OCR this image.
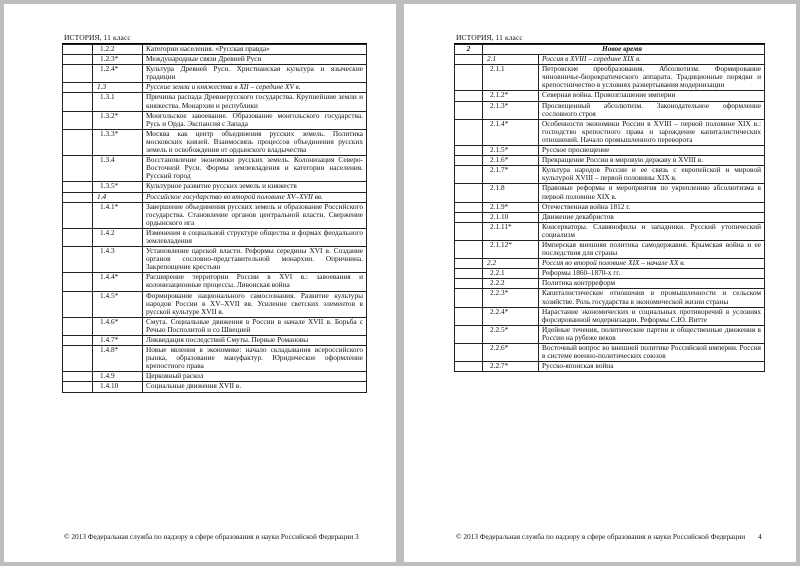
ИСТОРИЯ, 11 класс
	1.2.2	Категории населения. «Русская правда»
	1.2.3*	Международные связи Древней Руси
	1.2.4*	Культура Древней Руси. Христианская культура и языческие традиции
	1.3	Русские земли и княжества в XII – середине XV в.
	1.3.1	Причины распада Древнерусского государства. Крупнейшие земли и княжества. Монархии и республики
	1.3.2*	Монгольское завоевание. Образование монгольского государства. Русь и Орда. Экспансия с Запада
	1.3.3*	Москва как центр объединения русских земель. Политика московских князей. Взаимосвязь процессов объединения русских земель и освобождения от ордынского владычества
	1.3.4	Восстановление экономики русских земель. Колонизация Северо-Восточной Руси. Формы землевладения и категории населения. Русский город
	1.3.5*	Культурное развитие русских земель и княжеств
	1.4	Российское государство во второй половине XV–XVII вв.
	1.4.1*	Завершение объединения русских земель и образование Российского государства. Становление органов центральной власти. Свержение ордынского ига
	1.4.2	Изменения в социальной структуре общества и формах феодального землевладения
	1.4.3	Установление царской власти. Реформы середины XVI в. Создание органов сословно-представительной монархии. Опричнина. Закрепощение крестьян
	1.4.4*	Расширение территории России в XVI в.: завоевания и колонизационные процессы. Ливонская война
	1.4.5*	Формирование национального самосознания. Развитие культуры народов России в XV–XVII вв. Усиление светских элементов в русской культуре XVII в.
	1.4.6*	Смута. Социальные движения в России в начале XVII в. Борьба с Речью Посполитой и со Швецией
	1.4.7*	Ликвидация последствий Смуты. Первые Романовы
	1.4.8*	Новые явления в экономике: начало складывания всероссийского рынка, образование мануфактур. Юридическое оформление крепостного права
	1.4.9	Церковный раскол
	1.4.10	Социальные движения XVII в.
© 2013 Федеральная служба по надзору в сфере образования и науки Российской Федерации 3
ИСТОРИЯ, 11 класс
2	Новое время	
	2.1	Россия в XVIII – середине XIX в.
	2.1.1	Петровские преобразования. Абсолютизм. Формирование чиновничье-бюрократического аппарата. Традиционные порядки и крепостничество в условиях развертывания модернизации
	2.1.2*	Северная война. Провозглашение империи
	2.1.3*	Просвещенный абсолютизм. Законодательное оформление сословного строя
	2.1.4*	Особенности экономики России в XVIII – первой половине XIX в.: господство крепостного права и зарождение капиталистических отношений. Начало промышленного переворота
	2.1.5*	Русское просвещение
	2.1.6*	Превращение России в мировую державу в XVIII в.
	2.1.7*	Культура народов России и ее связь с европейской и мировой культурой XVIII – первой половины XIX в.
	2.1.8	Правовые реформы и мероприятия по укреплению абсолютизма в первой половине XIX в.
	2.1.9*	Отечественная война 1812 г.
	2.1.10	Движение декабристов
	2.1.11*	Консерваторы. Славянофилы и западники. Русский утопический социализм
	2.1.12*	Имперская внешняя политика самодержавия. Крымская война и ее последствия для страны
	2.2	Россия во второй половине XIX – начале XX в.
	2.2.1	Реформы 1860–1870-х гг.
	2.2.2	Политика контрреформ
	2.2.3*	Капиталистические отношения в промышленности и сельском хозяйстве. Роль государства в экономической жизни страны
	2.2.4*	Нарастание экономических и социальных противоречий в условиях форсированной модернизации. Реформы С.Ю. Витте
	2.2.5*	Идейные течения, политические партии и общественные движения в России на рубеже веков
	2.2.6*	Восточный вопрос во внешней политике Российской империи. Россия в системе военно-политических союзов
	2.2.7*	Русско-японская война
© 2013 Федеральная служба по надзору в сфере образования и науки Российской Федерации 4
